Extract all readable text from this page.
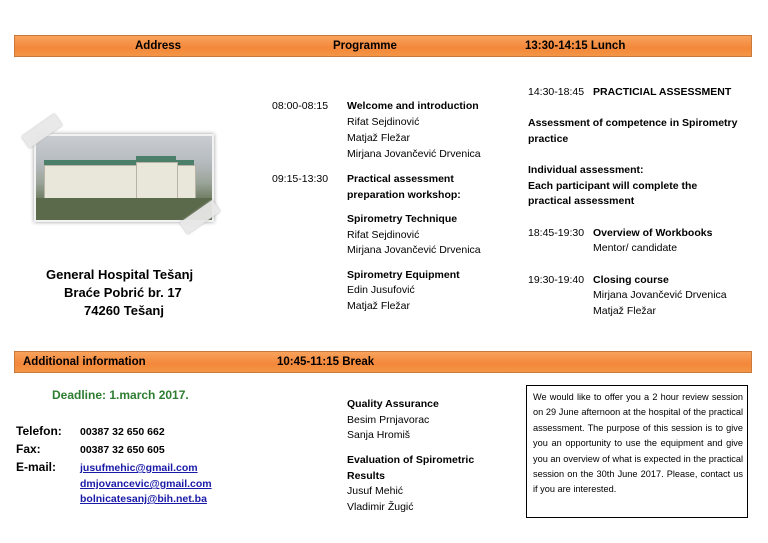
Address	Programme	13:30-14:15 Lunch
General Hospital Tešanj
Braće Pobrić br. 17
74260 Tešanj
08:00-08:15 Welcome and introduction
Rifat Sejdinović
Matjaž Fležar
Mirjana Jovančević Drvenica
09:15-13:30 Practical assessment
preparation workshop:
Spirometry Technique
Rifat Sejdinović
Mirjana Jovančević Drvenica
Spirometry Equipment
Edin Jusufović
Matjaž Fležar
14:30-18:45 PRACTICIAL ASSESSMENT
Assessment of competence in Spirometry
practice
Individual assessment:
Each participant will complete the
practical assessment
18:45-19:30 Overview of Workbooks
Mentor/ candidate
19:30-19:40 Closing course
Mirjana Jovančević Drvenica
Matjaž Fležar
Additional information	10:45-11:15 Break
Deadline: 1.march 2017.
Telefon: 00387 32 650 662
Fax:	00387 32 650 605
E-mail: jusufmehic@gmail.com
dmjovancevic@gmail.com
bolnicatesanj@bih.net.ba
Quality Assurance
Besim Prnjavorac
Sanja Hromiš
Evaluation of Spirometric
Results
Jusuf Mehić
Vladimir Žugić
We would like to offer you a 2 hour review session on 29 June afternoon at the hospital of the practical assessment. The purpose of this session is to give you an opportunity to use the equipment and give you an overview of what is expected in the practical session on the 30th June 2017. Please, contact us if you are interested.
